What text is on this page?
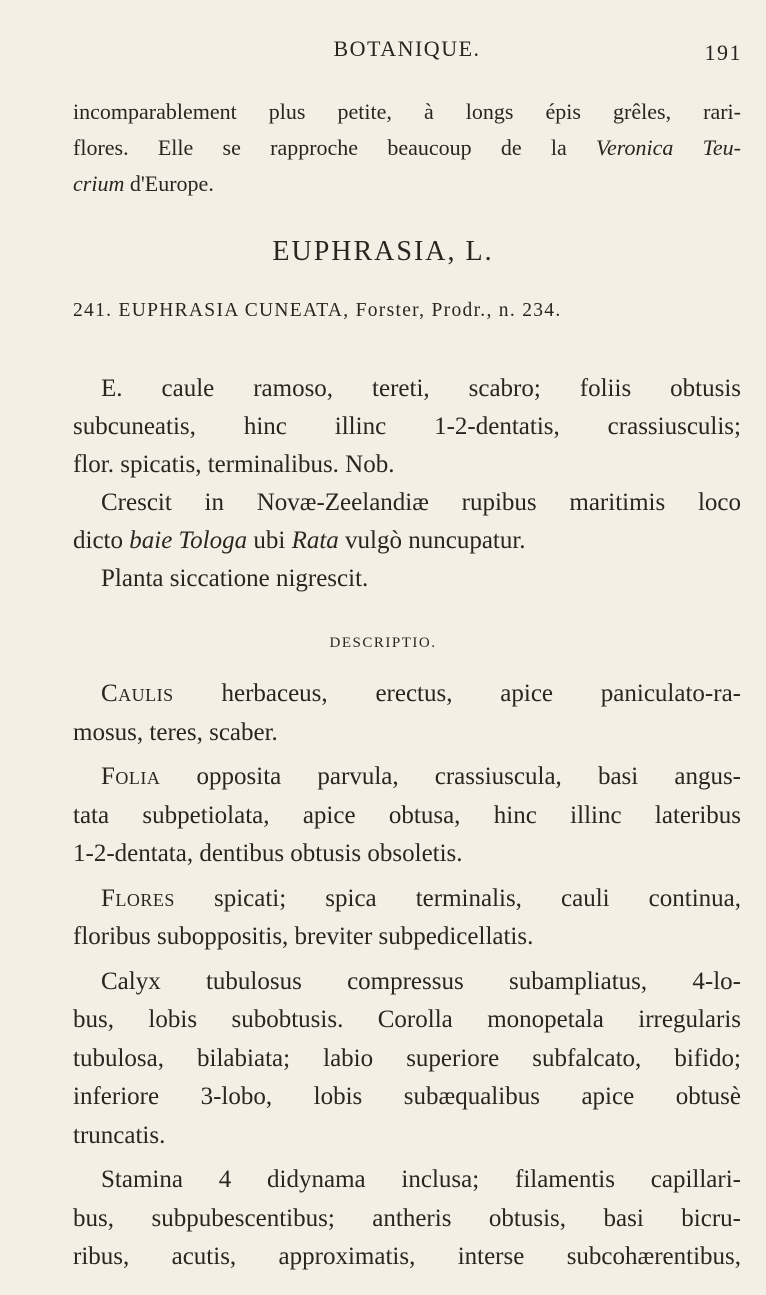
BOTANIQUE.	191
incomparablement plus petite, à longs épis grêles, rari-
flores. Elle se rapproche beaucoup de la Veronica Teu-
crium d'Europe.
EUPHRASIA, L.
241. EUPHRASIA CUNEATA, Forster, Prodr., n. 234.
E. caule ramoso, tereti, scabro; foliis obtusis
subcuneatis, hinc illinc 1-2-dentatis, crassiusculis;
flor. spicatis, terminalibus. Nob.
Crescit in Novæ-Zeelandiæ rupibus maritimis loco
dicto baie Tologa ubi Rata vulgò nuncupatur.
Planta siccatione nigrescit.
DESCRIPTIO.
Caulis herbaceus, erectus, apice paniculato-ra-
mosus, teres, scaber.
Folia opposita parvula, crassiuscula, basi angus-
tata subpetiolata, apice obtusa, hinc illinc lateribus
1-2-dentata, dentibus obtusis obsoletis.
Flores spicati; spica terminalis, cauli continua,
floribus suboppositis, breviter subpedicellatis.
Calyx tubulosus compressus subampliatus, 4-lo-
bus, lobis subobtusis. Corolla monopetala irregularis
tubulosa, bilabiata; labio superiore subfalcato, bifido;
inferiore 3-lobo, lobis subæqualibus apice obtusè
truncatis.
Stamina 4 didynama inclusa; filamentis capillari-
bus, subpubescentibus; antheris obtusis, basi bicru-
ribus, acutis, approximatis, interse subcohærentibus,
